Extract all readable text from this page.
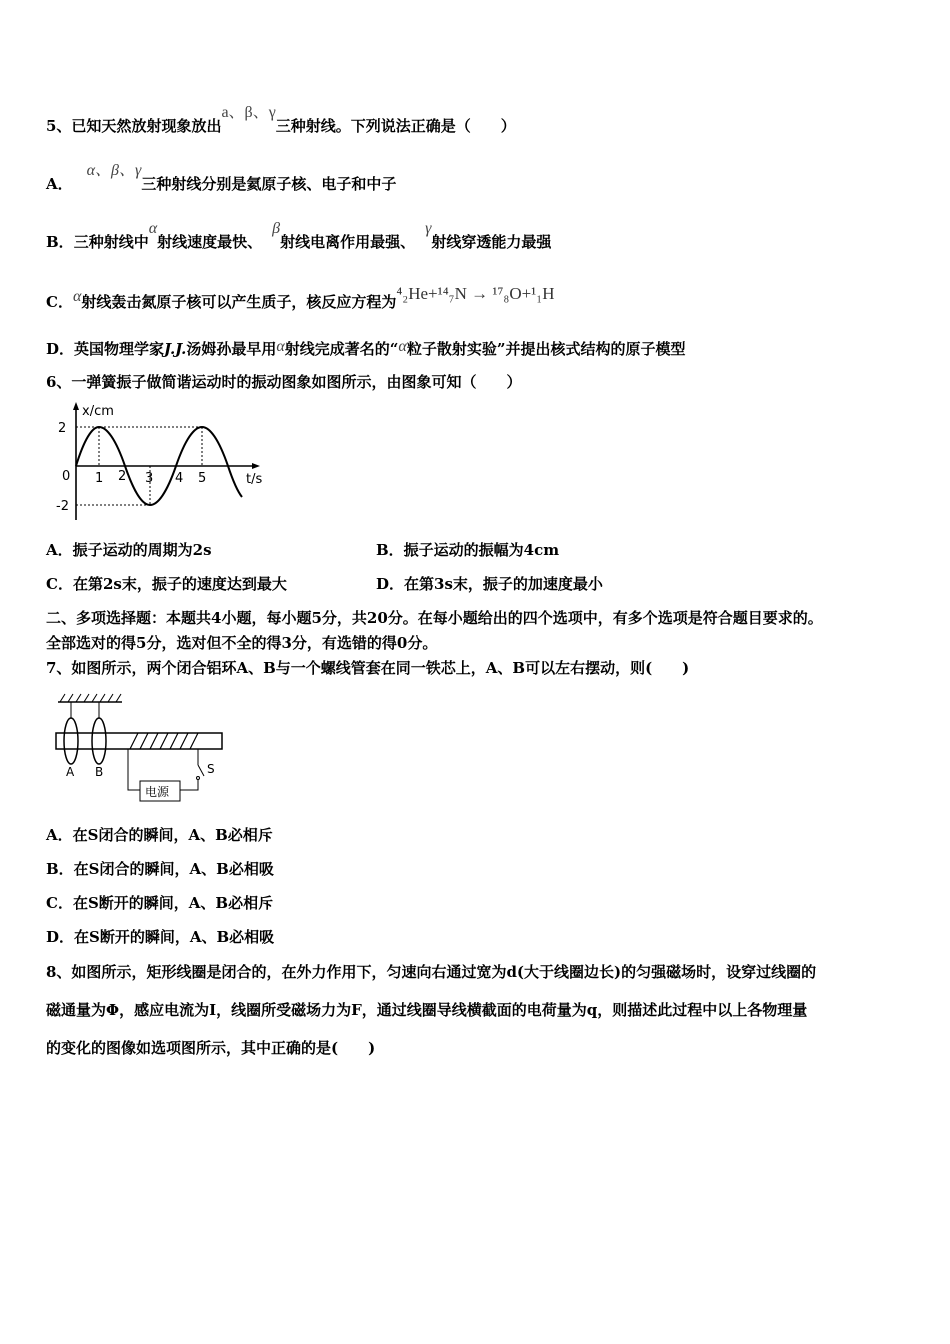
5、已知天然放射现象放出a、β、γ三种射线。下列说法正确是（　　）
A．α、β、γ三种射线分别是氦原子核、电子和中子
B．三种射线中α射线速度最快、β射线电离作用最强、γ射线穿透能力最强
C．α射线轰击氮原子核可以产生质子，核反应方程为⁴₂He+¹⁴₇N → ¹⁷₈O+¹₁H
D．英国物理学家J.J.汤姆孙最早用α射线完成著名的“α粒子散射实验”并提出核式结构的原子模型
6、一弹簧振子做简谐运动时的振动图象如图所示，由图象可知（　　）
x/cm
t/s
2
0
-2
1 2 3 4 5
A．振子运动的周期为2s	B．振子运动的振幅为4cm
C．在第2s末，振子的速度达到最大	D．在第3s末，振子的加速度最小
二、多项选择题：本题共4小题，每小题5分，共20分。在每小题给出的四个选项中，有多个选项是符合题目要求的。
全部选对的得5分，选对但不全的得3分，有选错的得0分。
7、如图所示，两个闭合铝环A、B与一个螺线管套在同一铁芯上，A、B可以左右摆动，则(　　)
A B	S
电源
A．在S闭合的瞬间，A、B必相斥
B．在S闭合的瞬间，A、B必相吸
C．在S断开的瞬间，A、B必相斥
D．在S断开的瞬间，A、B必相吸
8、如图所示，矩形线圈是闭合的，在外力作用下，匀速向右通过宽为d(大于线圈边长)的匀强磁场时，设穿过线圈的
磁通量为Φ，感应电流为I，线圈所受磁场力为F，通过线圈导线横截面的电荷量为q，则描述此过程中以上各物理量
的变化的图像如选项图所示，其中正确的是(　　)
